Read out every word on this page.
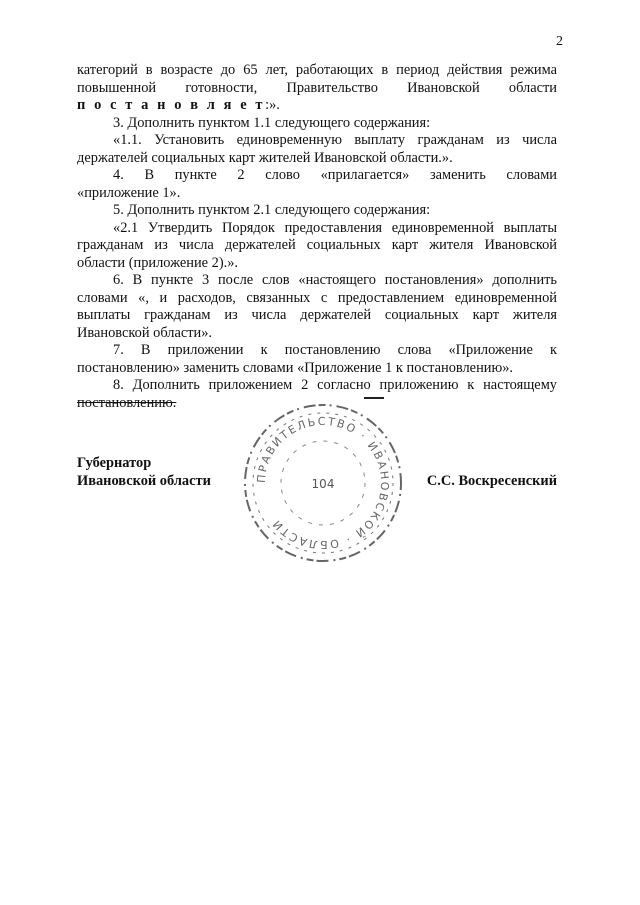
2

категорий в возрасте до 65 лет, работающих в период действия режима

повышенной готовности, Правительство Ивановской области

п о с т а н о в л я е т:».

3. Дополнить пунктом 1.1 следующего содержания:

«1.1. Установить единовременную выплату гражданам из числа

держателей социальных карт жителей Ивановской области.».

4. В пункте 2 слово «прилагается» заменить словами

«приложение 1».

5. Дополнить пунктом 2.1 следующего содержания:

«2.1 Утвердить Порядок предоставления единовременной выплаты

гражданам из числа держателей социальных карт жителя Ивановской

области (приложение 2).».

6. В пункте 3 после слов «настоящего постановления» дополнить

словами «, и расходов, связанных с предоставлением единовременной

выплаты гражданам из числа держателей социальных карт жителя

Ивановской области».

7. В приложении к постановлению слова «Приложение к

постановлению» заменить словами «Приложение 1 к постановлению».

8. Дополнить приложением 2 согласно приложению к настоящему

постановлению.

ПРАВИТЕЛЬСТВО · ИВАНОВСКОЙ · ОБЛАСТИ
104
Губернатор
Ивановской области	С.С. Воскресенский
